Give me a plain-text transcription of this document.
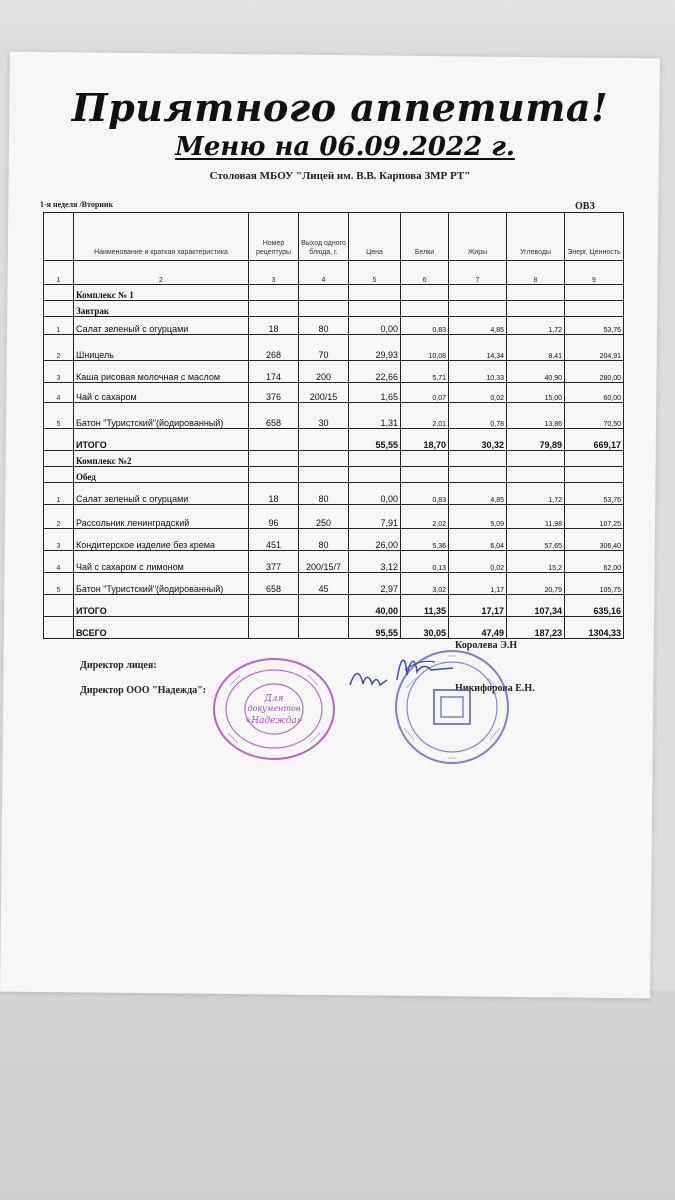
Приятного аппетита!
Меню на 06.09.2022 г.
Столовая МБОУ "Лицей им. В.В. Карпова ЗМР РТ"
1-я неделя /Вторник	ОВЗ
	Наименование и краткая характеристика	Номер рецептуры	Выход одного блюда, г.	Цена	Белки	Жиры	Углеводы	Энерг. Ценность
1	2	3	4	5	6	7	8	9
	Комплекс № 1							
	Завтрак							
1	Салат зеленый с огурцами	18	80	0,00	0,83	4,85	1,72	53,76
2	Шницель	268	70	29,93	10,08	14,34	8,41	204,91
3	Каша рисовая молочная с маслом	174	200	22,66	5,71	10,33	40,90	280,00
4	Чай с сахаром	376	200/15	1,65	0,07	0,02	15,00	60,00
5	Батон "Туристский"(йодированный)	658	30	1,31	2,01	0,78	13,86	70,50
	ИТОГО			55,55	18,70	30,32	79,89	669,17
	Комплекс №2							
	Обед							
1	Салат зеленый с огурцами	18	80	0,00	0,83	4,85	1,72	53,76
2	Рассольник ленинградский	96	250	7,91	2,02	5,09	11,98	107,25
3	Кондитерское изделие без крема	451	80	26,00	5,36	6,04	57,65	306,40
4	Чай с сахаром с лимоном	377	200/15/7	3,12	0,13	0,02	15,2	62,00
5	Батон "Туристский"(йодированный)	658	45	2,97	3,02	1,17	20,79	105,75
	ИТОГО			40,00	11,35	17,17	107,34	635,16
	ВСЕГО			95,55	30,05	47,49	187,23	1304,33
Директор лицея:
Директор ООО "Надежда":
Королева Э.Н
Никифорова Е.Н.
Для
документов
«Надежда»
